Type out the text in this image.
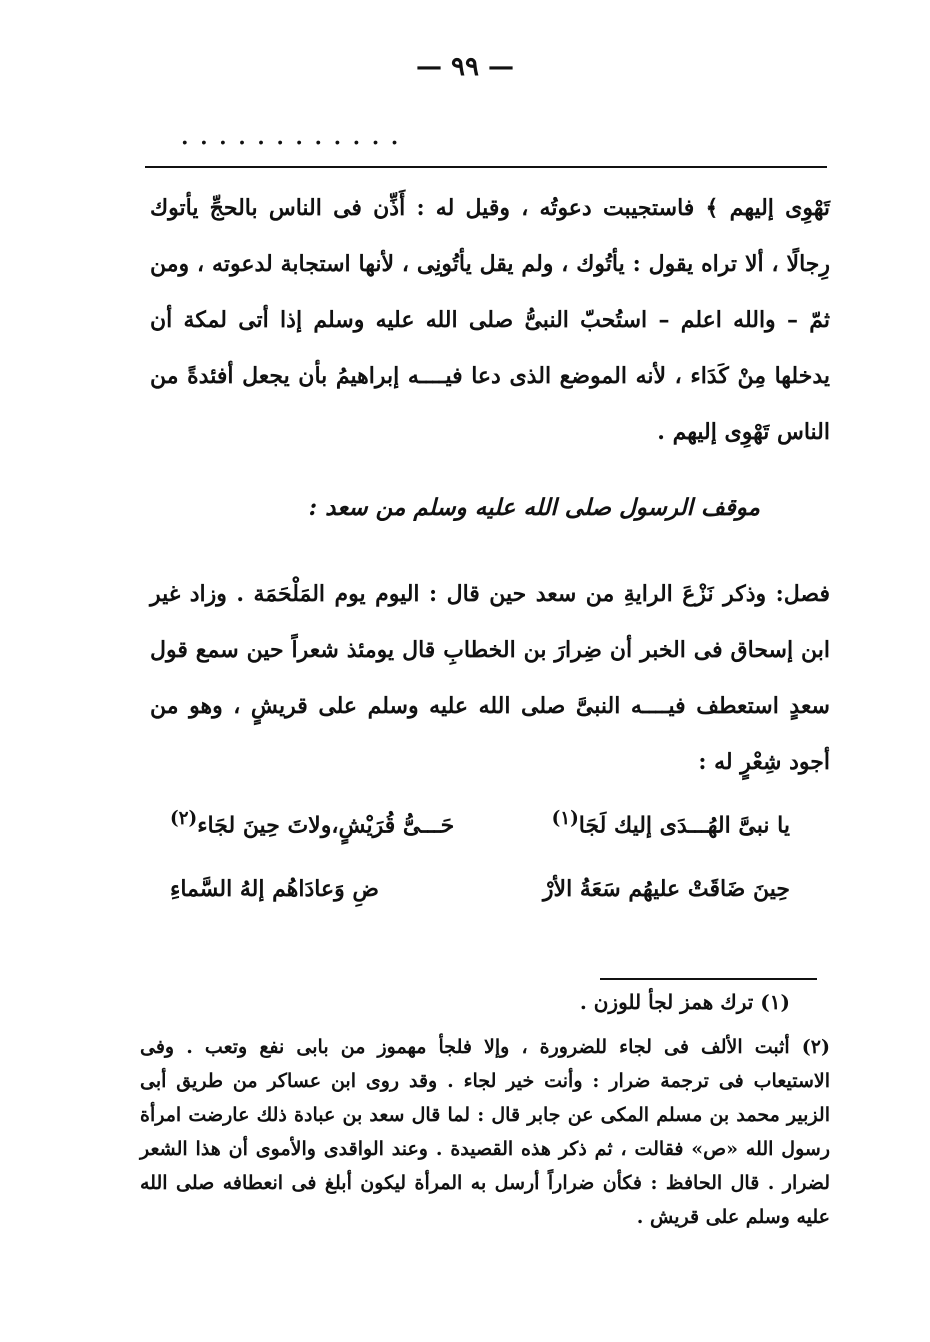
— ٩٩ —
. . . . . . . . . . . .
تَهْوِى إليهم ﴾ فاستجيبت دعوتُه ، وقيل له : أَذِّن فى الناس بالحجِّ يأتوك رِجالًا ، ألا تراه يقول : يأتُوك ، ولم يقل يأتُونِى ، لأنها استجابة لدعوته ، ومن ثمّ – والله اعلم – استُحبّ النبىُّ صلى الله عليه وسلم إذا أتى لمكة أن يدخلها مِنْ كَدَاء ، لأنه الموضع الذى دعا فيــــه إبراهيمُ بأن يجعل أفئدةً من الناس تَهْوِى إليهم .
موقف الرسول صلى الله عليه وسلم من سعد :
فصل: وذكر نَزْعَ الرايةِ من سعد حين قال : اليوم يوم المَلْحَمَة . وزاد غير ابن إسحاق فى الخبر أن ضِرارَ بن الخطابِ قال يومئذ شعراً حين سمع قول سعدٍ استعطف فيــــه النبىَّ صلى الله عليه وسلم على قريشٍ ، وهو من أجود شِعْرٍ له :
يا نبىَّ الهُـــدَى إليك لَجَا$^{(١)}$
حَـــىُّ قُرَيْشٍ،ولاتَ حِينَ لجَاء$^{(٢)}$
حِينَ ضَاقَتْ عليهُم سَعَةُ الأرْ
ضِ وَعادَاهُم إلهُ السَّماءِ
(١) ترك همز لجأ للوزن .
(٢) أثبت الألف فى لجاء للضرورة ، وإلا فلجأ مهموز من بابى نفع وتعب . وفى الاستيعاب فى ترجمة ضرار : وأنت خير لجاء . وقد روى ابن عساكر من طريق أبى الزبير محمد بن مسلم المكى عن جابر قال : لما قال سعد بن عبادة ذلك عارضت امرأة رسول الله «ص» فقالت ، ثم ذكر هذه القصيدة . وعند الواقدى والأموى أن هذا الشعر لضرار . قال الحافظ : فكأن ضراراً أرسل به المرأة ليكون أبلغ فى انعطافه صلى الله عليه وسلم على قريش .
